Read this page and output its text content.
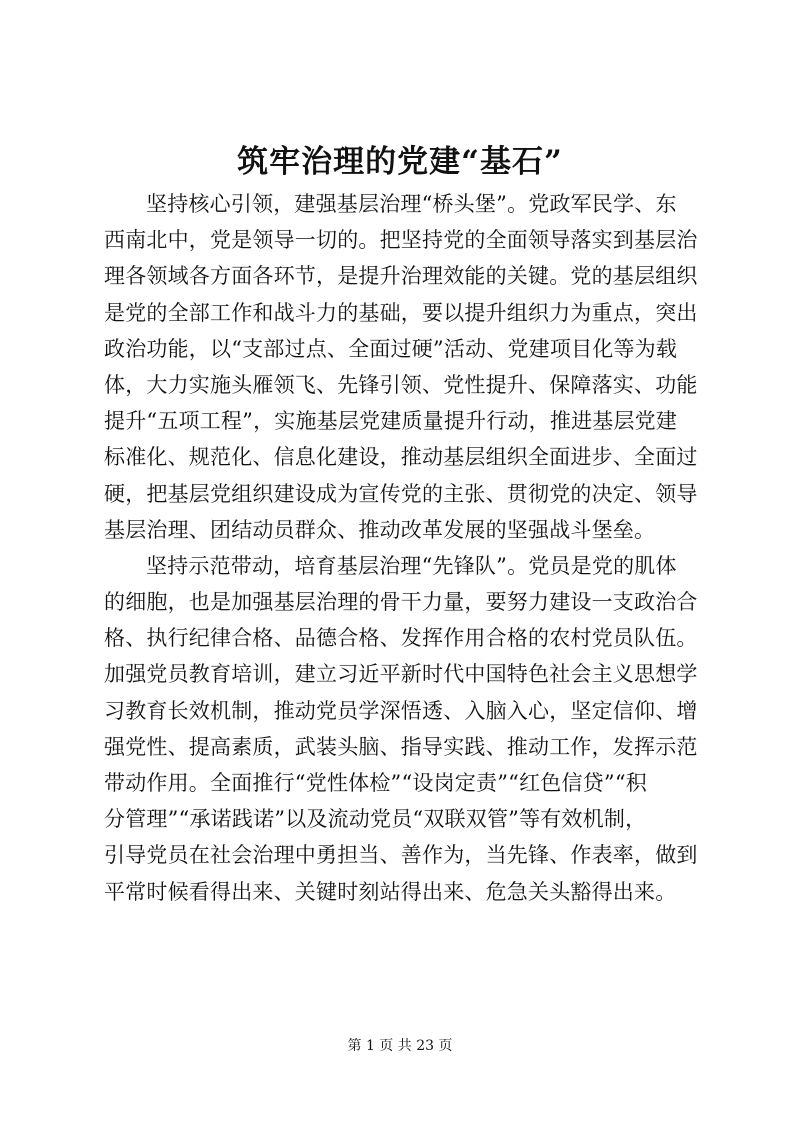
筑牢治理的党建“基石”
坚持核心引领，建强基层治理“桥头堡”。党政军民学、东
西南北中，党是领导一切的。把坚持党的全面领导落实到基层治
理各领域各方面各环节，是提升治理效能的关键。党的基层组织
是党的全部工作和战斗力的基础，要以提升组织力为重点，突出
政治功能，以“支部过点、全面过硬”活动、党建项目化等为载
体，大力实施头雁领飞、先锋引领、党性提升、保障落实、功能
提升“五项工程”，实施基层党建质量提升行动，推进基层党建
标准化、规范化、信息化建设，推动基层组织全面进步、全面过
硬，把基层党组织建设成为宣传党的主张、贯彻党的决定、领导
基层治理、团结动员群众、推动改革发展的坚强战斗堡垒。
坚持示范带动，培育基层治理“先锋队”。党员是党的肌体
的细胞，也是加强基层治理的骨干力量，要努力建设一支政治合
格、执行纪律合格、品德合格、发挥作用合格的农村党员队伍。
加强党员教育培训，建立习近平新时代中国特色社会主义思想学
习教育长效机制，推动党员学深悟透、入脑入心，坚定信仰、增
强党性、提高素质，武装头脑、指导实践、推动工作，发挥示范
带动作用。全面推行“党性体检”“设岗定责”“红色信贷”“积
分管理”“承诺践诺”以及流动党员“双联双管”等有效机制，
引导党员在社会治理中勇担当、善作为，当先锋、作表率，做到
平常时候看得出来、关键时刻站得出来、危急关头豁得出来。
第 1 页 共 23 页
